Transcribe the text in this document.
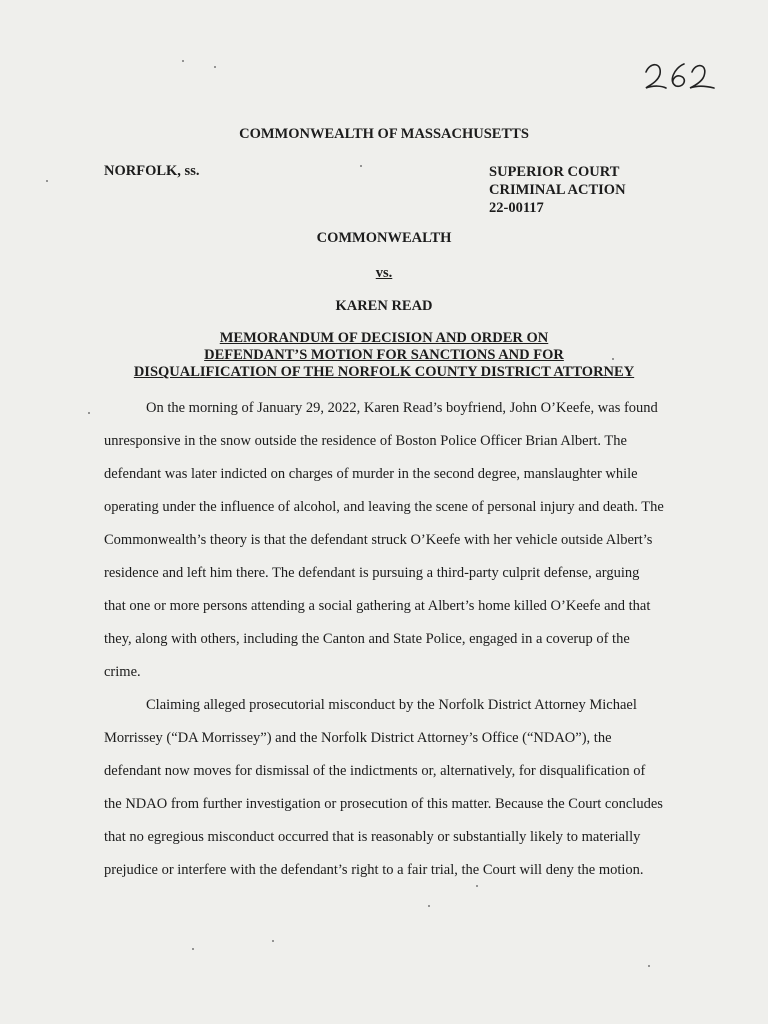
COMMONWEALTH OF MASSACHUSETTS
NORFOLK, ss.	SUPERIOR COURT
CRIMINAL ACTION
22-00117
COMMONWEALTH
vs.
KAREN READ
MEMORANDUM OF DECISION AND ORDER ON
DEFENDANT’S MOTION FOR SANCTIONS AND FOR
DISQUALIFICATION OF THE NORFOLK COUNTY DISTRICT ATTORNEY

On the morning of January 29, 2022, Karen Read’s boyfriend, John O’Keefe, was found unresponsive in the snow outside the residence of Boston Police Officer Brian Albert. The defendant was later indicted on charges of murder in the second degree, manslaughter while operating under the influence of alcohol, and leaving the scene of personal injury and death. The Commonwealth’s theory is that the defendant struck O’Keefe with her vehicle outside Albert’s residence and left him there. The defendant is pursuing a third-party culprit defense, arguing that one or more persons attending a social gathering at Albert’s home killed O’Keefe and that they, along with others, including the Canton and State Police, engaged in a coverup of the crime.

Claiming alleged prosecutorial misconduct by the Norfolk District Attorney Michael Morrissey (“DA Morrissey”) and the Norfolk District Attorney’s Office (“NDAO”), the defendant now moves for dismissal of the indictments or, alternatively, for disqualification of the NDAO from further investigation or prosecution of this matter. Because the Court concludes that no egregious misconduct occurred that is reasonably or substantially likely to materially prejudice or interfere with the defendant’s right to a fair trial, the Court will deny the motion.
